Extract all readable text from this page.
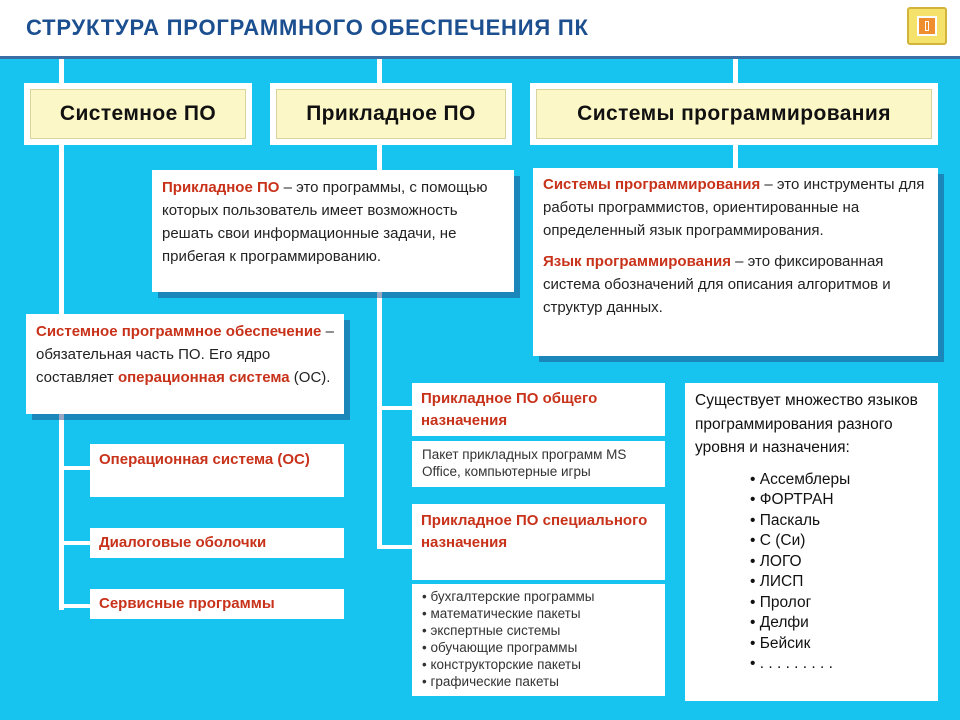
СТРУКТУРА ПРОГРАММНОГО ОБЕСПЕЧЕНИЯ ПК
Системное ПО	Прикладное ПО	Системы программирования
Прикладное ПО – это программы, с помощью которых пользователь имеет возможность решать свои информационные задачи, не прибегая к программированию.
Системы программирования – это инструменты для работы программистов, ориентированные на определенный язык программирования.
Язык программирования – это фиксированная система обозначений для описания алгоритмов и структур данных.
Системное программное обеспечение – обязательная часть ПО. Его ядро составляет операционная система (ОС).
Операционная система (ОС)
Диалоговые оболочки
Сервисные программы
Прикладное ПО общего назначения
Пакет прикладных программ MS Office, компьютерные игры
Прикладное ПО специального назначения
• бухгалтерские программы
• математические пакеты
• экспертные системы
• обучающие программы
• конструкторские пакеты
• графические пакеты
Существует множество языков программирования разного уровня и назначения:
• Ассемблеры
• ФОРТРАН
• Паскаль
• С (Си)
• ЛОГО
• ЛИСП
• Пролог
• Делфи
• Бейсик
• . . . . . . . . .
